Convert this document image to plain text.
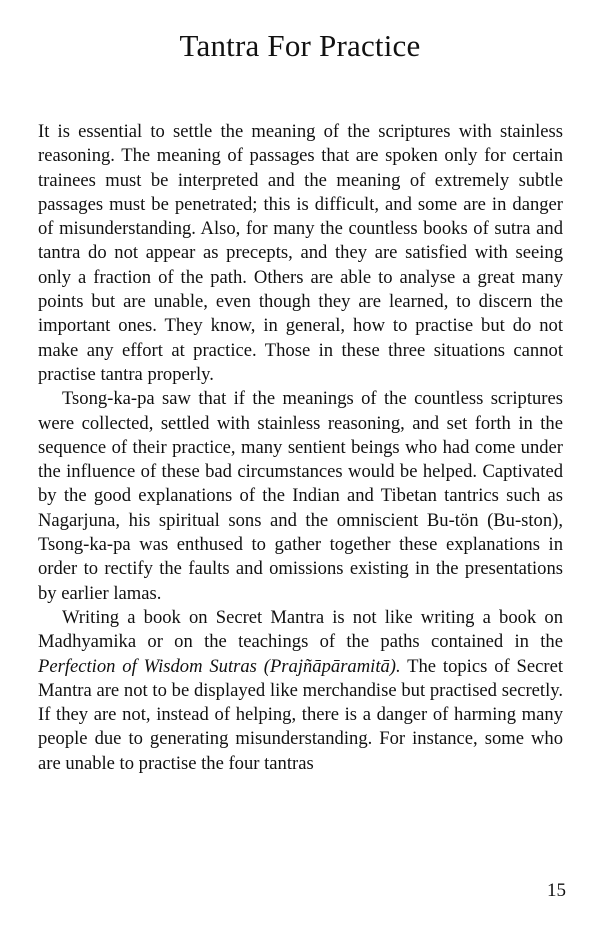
Tantra For Practice

It is essential to settle the meaning of the scriptures with stainless reasoning. The meaning of passages that are spoken only for certain trainees must be interpreted and the meaning of extremely subtle passages must be penetrated; this is difficult, and some are in danger of misunderstanding. Also, for many the countless books of sutra and tantra do not appear as precepts, and they are satisfied with seeing only a fraction of the path. Others are able to analyse a great many points but are unable, even though they are learned, to discern the important ones. They know, in general, how to practise but do not make any effort at practice. Those in these three situations cannot practise tantra properly.

Tsong-ka-pa saw that if the meanings of the countless scriptures were collected, settled with stainless reasoning, and set forth in the sequence of their practice, many sentient beings who had come under the influence of these bad circumstances would be helped. Captivated by the good explanations of the Indian and Tibetan tantrics such as Nagarjuna, his spiritual sons and the omniscient Bu-tön (Bu-ston), Tsong-ka-pa was enthused to gather together these explanations in order to rectify the faults and omissions existing in the presentations by earlier lamas.

Writing a book on Secret Mantra is not like writing a book on Madhyamika or on the teachings of the paths contained in the Perfection of Wisdom Sutras (Prajñāpāramitā). The topics of Secret Mantra are not to be displayed like merchandise but practised secretly. If they are not, instead of helping, there is a danger of harming many people due to generating misunderstanding. For instance, some who are unable to practise the four tantras

15
